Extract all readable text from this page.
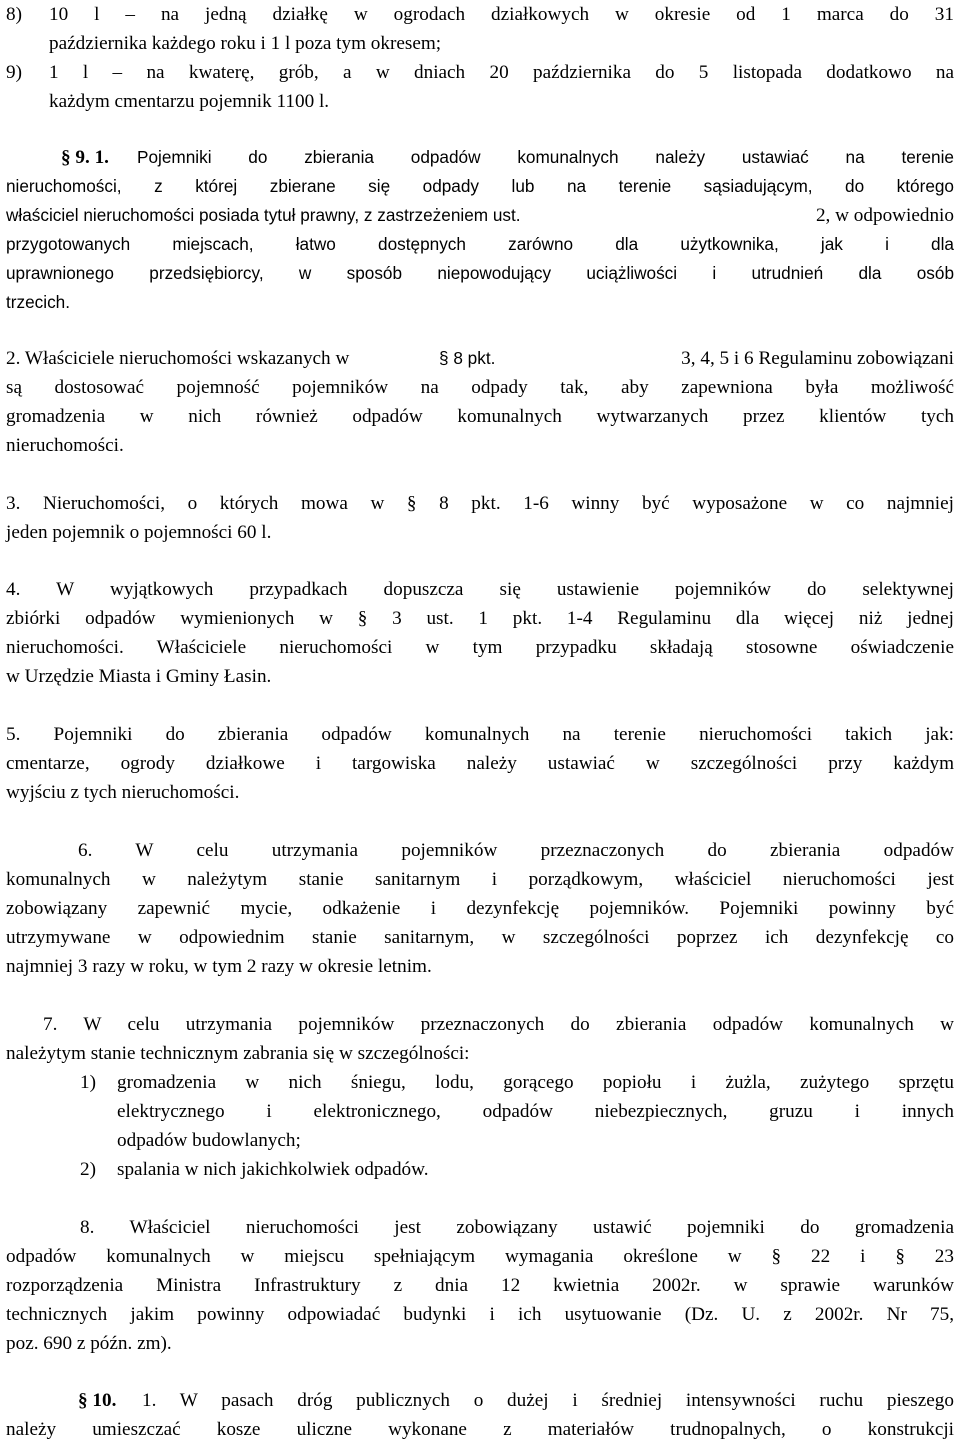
8) 10 l – na jedną działkę w ogrodach działkowych w okresie od 1 marca do 31
października każdego roku i 1 l poza tym okresem;
9) 1 l – na kwaterę, grób, a w dniach 20 października do 5 listopada dodatkowo na
każdym cmentarzu pojemnik 1100 l.
§ 9. 1. Pojemniki do zbierania odpadów komunalnych należy ustawiać na terenie
nieruchomości, z której zbierane się odpady lub na terenie sąsiadującym, do którego
właściciel nieruchomości posiada tytuł prawny, z zastrzeżeniem ust.	2, w odpowiednio
przygotowanych miejscach, łatwo dostępnych zarówno dla użytkownika, jak i dla
uprawnionego przedsiębiorcy, w sposób niepowodujący uciążliwości i utrudnień dla osób
trzecich.
2. Właściciele nieruchomości wskazanych w	§ 8 pkt.	3, 4, 5 i 6 Regulaminu zobowiązani
są dostosować pojemność pojemników na odpady tak, aby zapewniona była możliwość
gromadzenia w nich również odpadów komunalnych wytwarzanych przez klientów tych
nieruchomości.
3. Nieruchomości, o których mowa w § 8 pkt. 1-6 winny być wyposażone w co najmniej
jeden pojemnik o pojemności 60 l.
4. W wyjątkowych przypadkach dopuszcza się ustawienie pojemników do selektywnej
zbiórki odpadów wymienionych w § 3 ust. 1 pkt. 1-4 Regulaminu dla więcej niż jednej
nieruchomości. Właściciele nieruchomości w tym przypadku składają stosowne oświadczenie
w Urzędzie Miasta i Gminy Łasin.
5. Pojemniki do zbierania odpadów komunalnych na terenie nieruchomości takich jak:
cmentarze, ogrody działkowe i targowiska należy ustawiać w szczególności przy każdym
wyjściu z tych nieruchomości.
6. W celu utrzymania pojemników przeznaczonych do zbierania odpadów
komunalnych w należytym stanie sanitarnym i porządkowym, właściciel nieruchomości jest
zobowiązany zapewnić mycie, odkażenie i dezynfekcję pojemników. Pojemniki powinny być
utrzymywane w odpowiednim stanie sanitarnym, w szczególności poprzez ich dezynfekcję co
najmniej 3 razy w roku, w tym 2 razy w okresie letnim.
7. W celu utrzymania pojemników przeznaczonych do zbierania odpadów komunalnych w
należytym stanie technicznym zabrania się w szczególności:
1) gromadzenia w nich śniegu, lodu, gorącego popiołu i żużla, zużytego sprzętu
elektrycznego i elektronicznego, odpadów niebezpiecznych, gruzu i innych
odpadów budowlanych;
2) spalania w nich jakichkolwiek odpadów.
8. Właściciel nieruchomości jest zobowiązany ustawić pojemniki do gromadzenia
odpadów komunalnych w miejscu spełniającym wymagania określone w § 22 i § 23
rozporządzenia Ministra Infrastruktury z dnia 12 kwietnia 2002r. w sprawie warunków
technicznych jakim powinny odpowiadać budynki i ich usytuowanie (Dz. U. z 2002r. Nr 75,
poz. 690 z późn. zm).
§ 10. 1. W pasach dróg publicznych o dużej i średniej intensywności ruchu pieszego
należy umieszczać kosze uliczne wykonane z materiałów trudnopalnych, o konstrukcji
